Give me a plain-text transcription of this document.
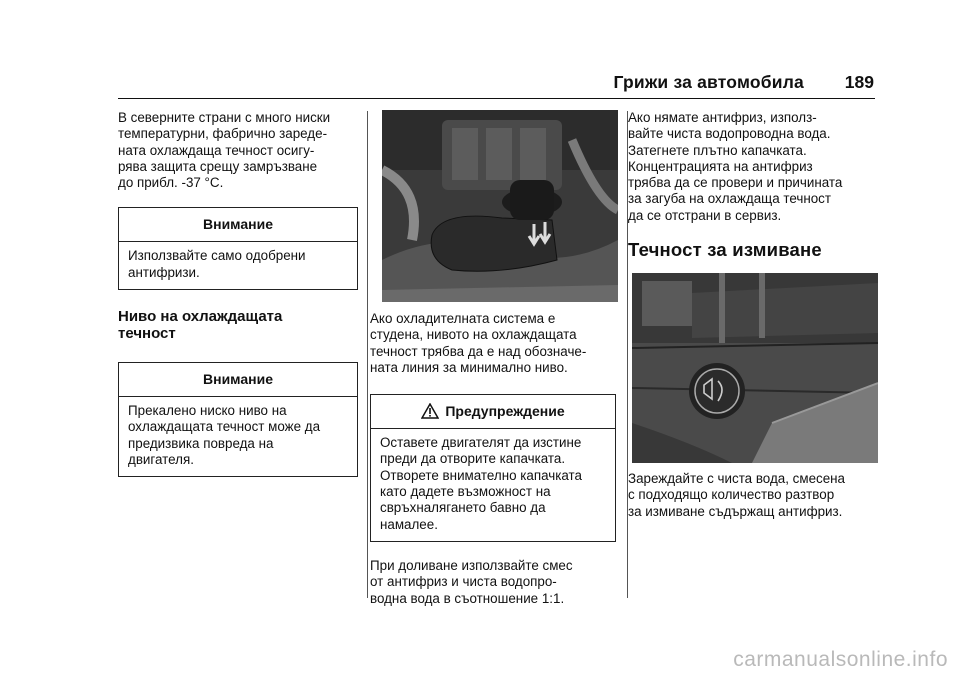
Грижи за автомобила 189

В северните страни с много ниски
температурни, фабрично зареде-
ната охлаждаща течност осигу-
рява защита срещу замръзване
до прибл. -37 °C.

Внимание

Използвайте само одобрени
антифризи.

Ниво на охлаждащата
течност
Внимание

Прекалено ниско ниво на
охлаждащата течност може да
предизвика повреда на
двигателя.

Ако охладителната система е
студена, нивото на охлаждащата
течност трябва да е над обозначе-
ната линия за минимално ниво.

Предупреждение

Оставете двигателят да изстине
преди да отворите капачката.
Отворете внимателно капачката
като дадете възможност на
свръхналягането бавно да
намалее.

При доливане използвайте смес
от антифриз и чиста водопро-
водна вода в съотношение 1:1.

Ако нямате антифриз, използ-
вайте чиста водопроводна вода.
Затегнете плътно капачката.
Концентрацията на антифриз
трябва да се провери и причината
за загуба на охлаждаща течност
да се отстрани в сервиз.

Течност за измиване

Зареждайте с чиста вода, смесена
с подходящо количество разтвор
за измиване съдържащ антифриз.

carmanualsonline.info
